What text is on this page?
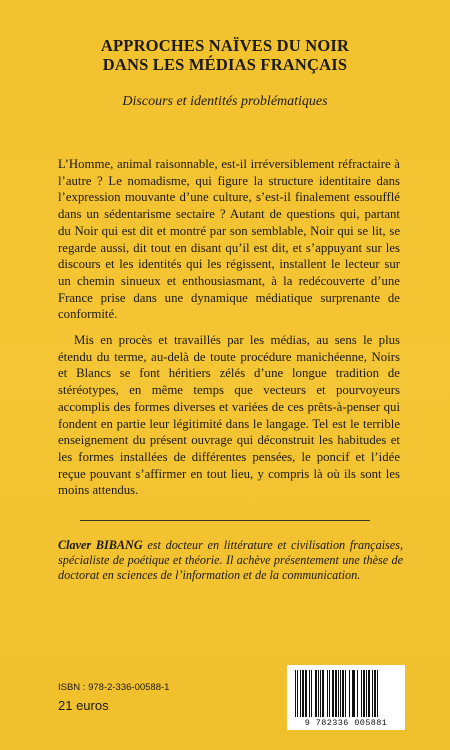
APPROCHES NAÏVES DU NOIR
DANS LES MÉDIAS FRANÇAIS
Discours et identités problématiques

L’Homme, animal raisonnable, est-il irréversiblement réfractaire à l’autre ? Le nomadisme, qui figure la structure identitaire dans l’expression mouvante d’une culture, s’est-il finalement essoufflé dans un sédentarisme sectaire ? Autant de questions qui, partant du Noir qui est dit et montré par son semblable, Noir qui se lit, se regarde aussi, dit tout en disant qu’il est dit, et s’appuyant sur les discours et les identités qui les régissent, installent le lecteur sur un chemin sinueux et enthousiasmant, à la redécouverte d’une France prise dans une dynamique médiatique surprenante de conformité.

Mis en procès et travaillés par les médias, au sens le plus étendu du terme, au-delà de toute procédure manichéenne, Noirs et Blancs se font héritiers zélés d’une longue tradition de stéréotypes, en même temps que vecteurs et pourvoyeurs accomplis des formes diverses et variées de ces prêts-à-penser qui fondent en partie leur légitimité dans le langage. Tel est le terrible enseignement du présent ouvrage qui déconstruit les habitudes et les formes installées de différentes pensées, le poncif et l’idée reçue pouvant s’affirmer en tout lieu, y compris là où ils sont les moins attendus.

Claver BIBANG est docteur en littérature et civilisation françaises, spécialiste de poétique et théorie. Il achève présentement une thèse de doctorat en sciences de l’information et de la communication.
ISBN : 978-2-336-00588-1
21 euros
9 782336 005881
